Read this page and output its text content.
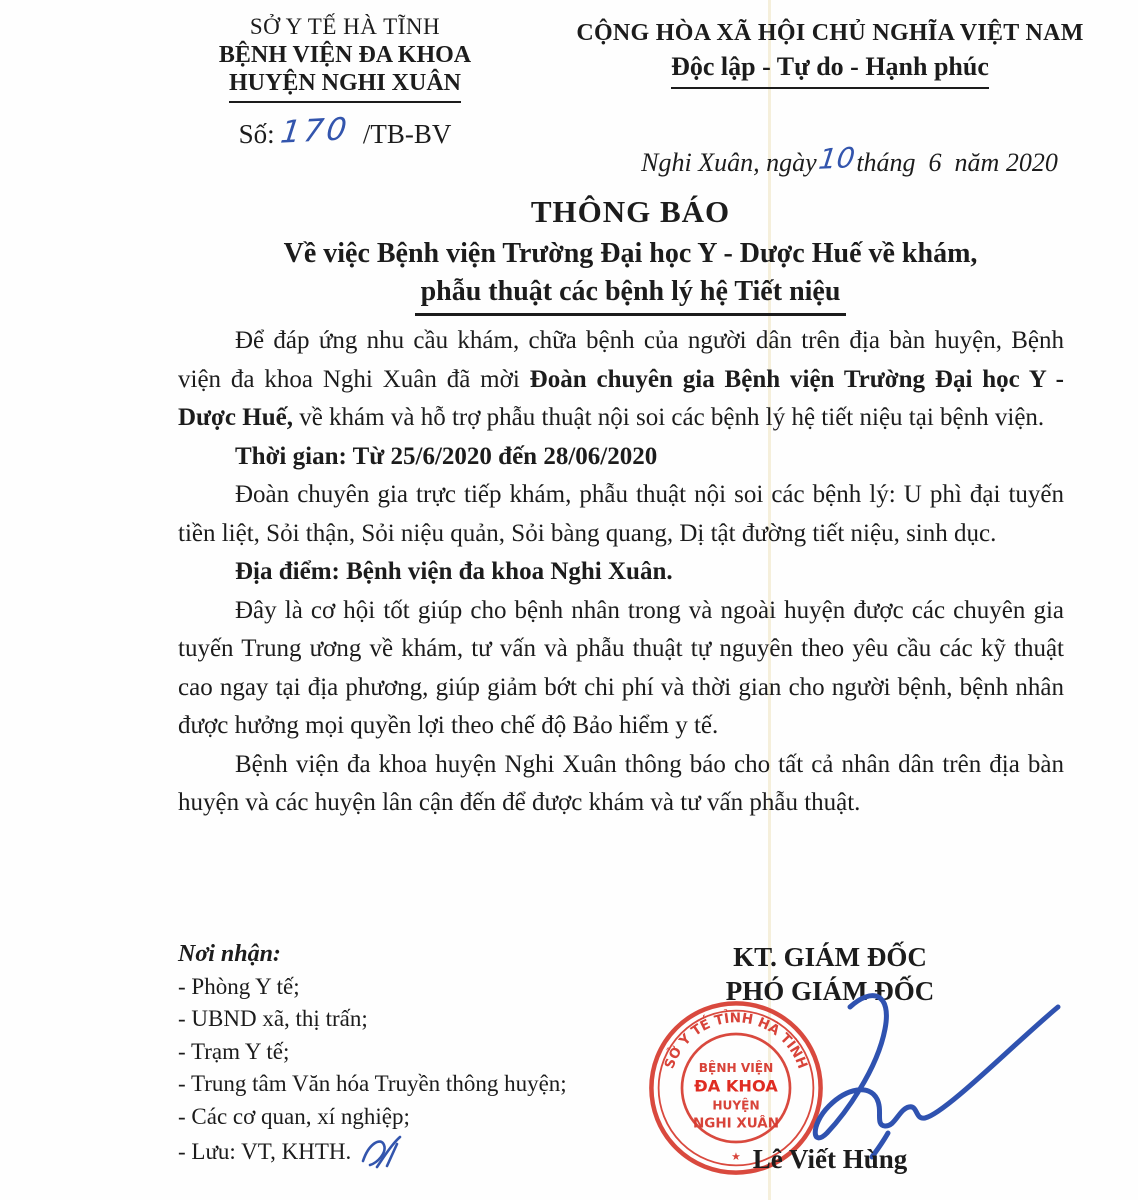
SỞ Y TẾ HÀ TĨNH
BỆNH VIỆN ĐA KHOA
HUYỆN NGHI XUÂN
Số: 170 /TB-BV
CỘNG HÒA XÃ HỘI CHỦ NGHĨA VIỆT NAM
Độc lập - Tự do - Hạnh phúc

Nghi Xuân, ngày10tháng  6  năm 2020

THÔNG BÁO
Về việc Bệnh viện Trường Đại học Y - Dược Huế về khám,
phẫu thuật các bệnh lý hệ Tiết niệu

Để đáp ứng nhu cầu khám, chữa bệnh của người dân trên địa bàn huyện, Bệnh viện đa khoa Nghi Xuân đã mời Đoàn chuyên gia Bệnh viện Trường Đại học Y - Dược Huế, về khám và hỗ trợ phẫu thuật nội soi các bệnh lý hệ tiết niệu tại bệnh viện.

Thời gian: Từ 25/6/2020 đến 28/06/2020

Đoàn chuyên gia trực tiếp khám, phẫu thuật nội soi các bệnh lý: U phì đại tuyến tiền liệt, Sỏi thận, Sỏi niệu quản, Sỏi bàng quang, Dị tật đường tiết niệu, sinh dục.

Địa điểm: Bệnh viện đa khoa Nghi Xuân.

Đây là cơ hội tốt giúp cho bệnh nhân trong và ngoài huyện được các chuyên gia tuyến Trung ương về khám, tư vấn và phẫu thuật tự nguyên theo yêu cầu các kỹ thuật cao ngay tại địa phương, giúp giảm bớt chi phí và thời gian cho người bệnh, bệnh nhân được hưởng mọi quyền lợi theo chế độ Bảo hiểm y tế.

Bệnh viện đa khoa huyện Nghi Xuân thông báo cho tất cả nhân dân trên địa bàn huyện và các huyện lân cận đến để được khám và tư vấn phẫu thuật.

Nơi nhận:
- Phòng Y tế;
- UBND xã, thị trấn;
- Trạm Y tế;
- Trung tâm Văn hóa Truyền thông huyện;
- Các cơ quan, xí nghiệp;
- Lưu: VT, KHTH.
KT. GIÁM ĐỐC
PHÓ GIÁM ĐỐC
SỞ Y TẾ TỈNH HÀ TĨNH
BỆNH VIỆN
ĐA KHOA
HUYỆN
NGHI XUÂN
★ Lê Viết Hùng
